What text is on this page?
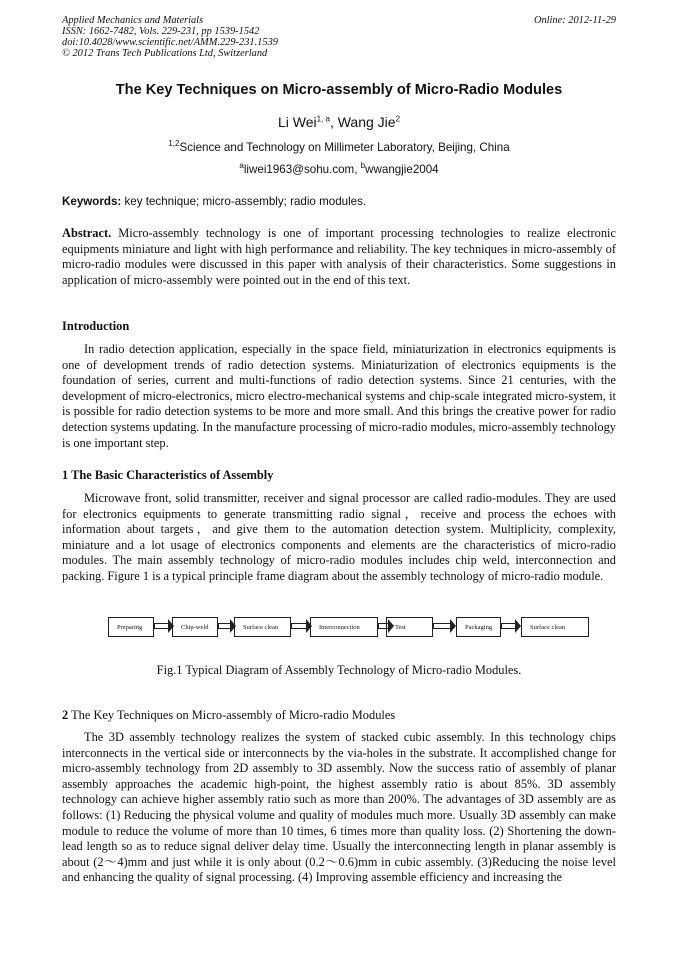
Applied Mechanics and Materials
ISSN: 1662-7482, Vols. 229-231, pp 1539-1542
doi:10.4028/www.scientific.net/AMM.229-231.1539
© 2012 Trans Tech Publications Ltd, Switzerland
Online: 2012-11-29
The Key Techniques on Micro-assembly of Micro-Radio Modules
Li Wei$^{1, a}$, Wang Jie$^2$
$^{1,2}$Science and Technology on Millimeter Laboratory, Beijing, China
$^a$liwei1963@sohu.com, $^b$wwangjie2004
Keywords: key technique; micro-assembly; radio modules.

Abstract. Micro-assembly technology is one of important processing technologies to realize electronic equipments miniature and light with high performance and reliability. The key techniques in micro-assembly of micro-radio modules were discussed in this paper with analysis of their characteristics. Some suggestions in application of micro-assembly were pointed out in the end of this text.

Introduction

In radio detection application, especially in the space field, miniaturization in electronics equipments is one of development trends of radio detection systems. Miniaturization of electronics equipments is the foundation of series, current and multi-functions of radio detection systems. Since 21 centuries, with the development of micro-electronics, micro electro-mechanical systems and chip-scale integrated micro-system, it is possible for radio detection systems to be more and more small. And this brings the creative power for radio detection systems updating. In the manufacture processing of micro-radio modules, micro-assembly technology is one important step.

1 The Basic Characteristics of Assembly

Microwave front, solid transmitter, receiver and signal processor are called radio-modules. They are used for electronics equipments to generate transmitting radio signal，receive and process the echoes with information about targets，and give them to the automation detection system. Multiplicity, complexity, miniature and a lot usage of electronics components and elements are the characteristics of micro-radio modules. The main assembly technology of micro-radio modules includes chip weld, interconnection and packing. Figure 1 is a typical principle frame diagram about the assembly technology of micro-radio module.

Preparing	Chip-weld	Surface clean	Interconnection	Test	Packaging	Surface clean
Fig.1 Typical Diagram of Assembly Technology of Micro-radio Modules.
2 The Key Techniques on Micro-assembly of Micro-radio Modules

The 3D assembly technology realizes the system of stacked cubic assembly. In this technology chips interconnects in the vertical side or interconnects by the via-holes in the substrate. It accomplished change for micro-assembly technology from 2D assembly to 3D assembly. Now the success ratio of assembly of planar assembly approaches the academic high-point, the highest assembly ratio is about 85%. 3D assembly technology can achieve higher assembly ratio such as more than 200%. The advantages of 3D assembly are as follows: (1) Reducing the physical volume and quality of modules much more. Usually 3D assembly can make module to reduce the volume of more than 10 times, 6 times more than quality loss. (2) Shortening the down-lead length so as to reduce signal deliver delay time. Usually the interconnecting length in planar assembly is about (2～4)mm and just while it is only about (0.2～0.6)mm in cubic assembly. (3)Reducing the noise level and enhancing the quality of signal processing. (4) Improving assemble efficiency and increasing the
